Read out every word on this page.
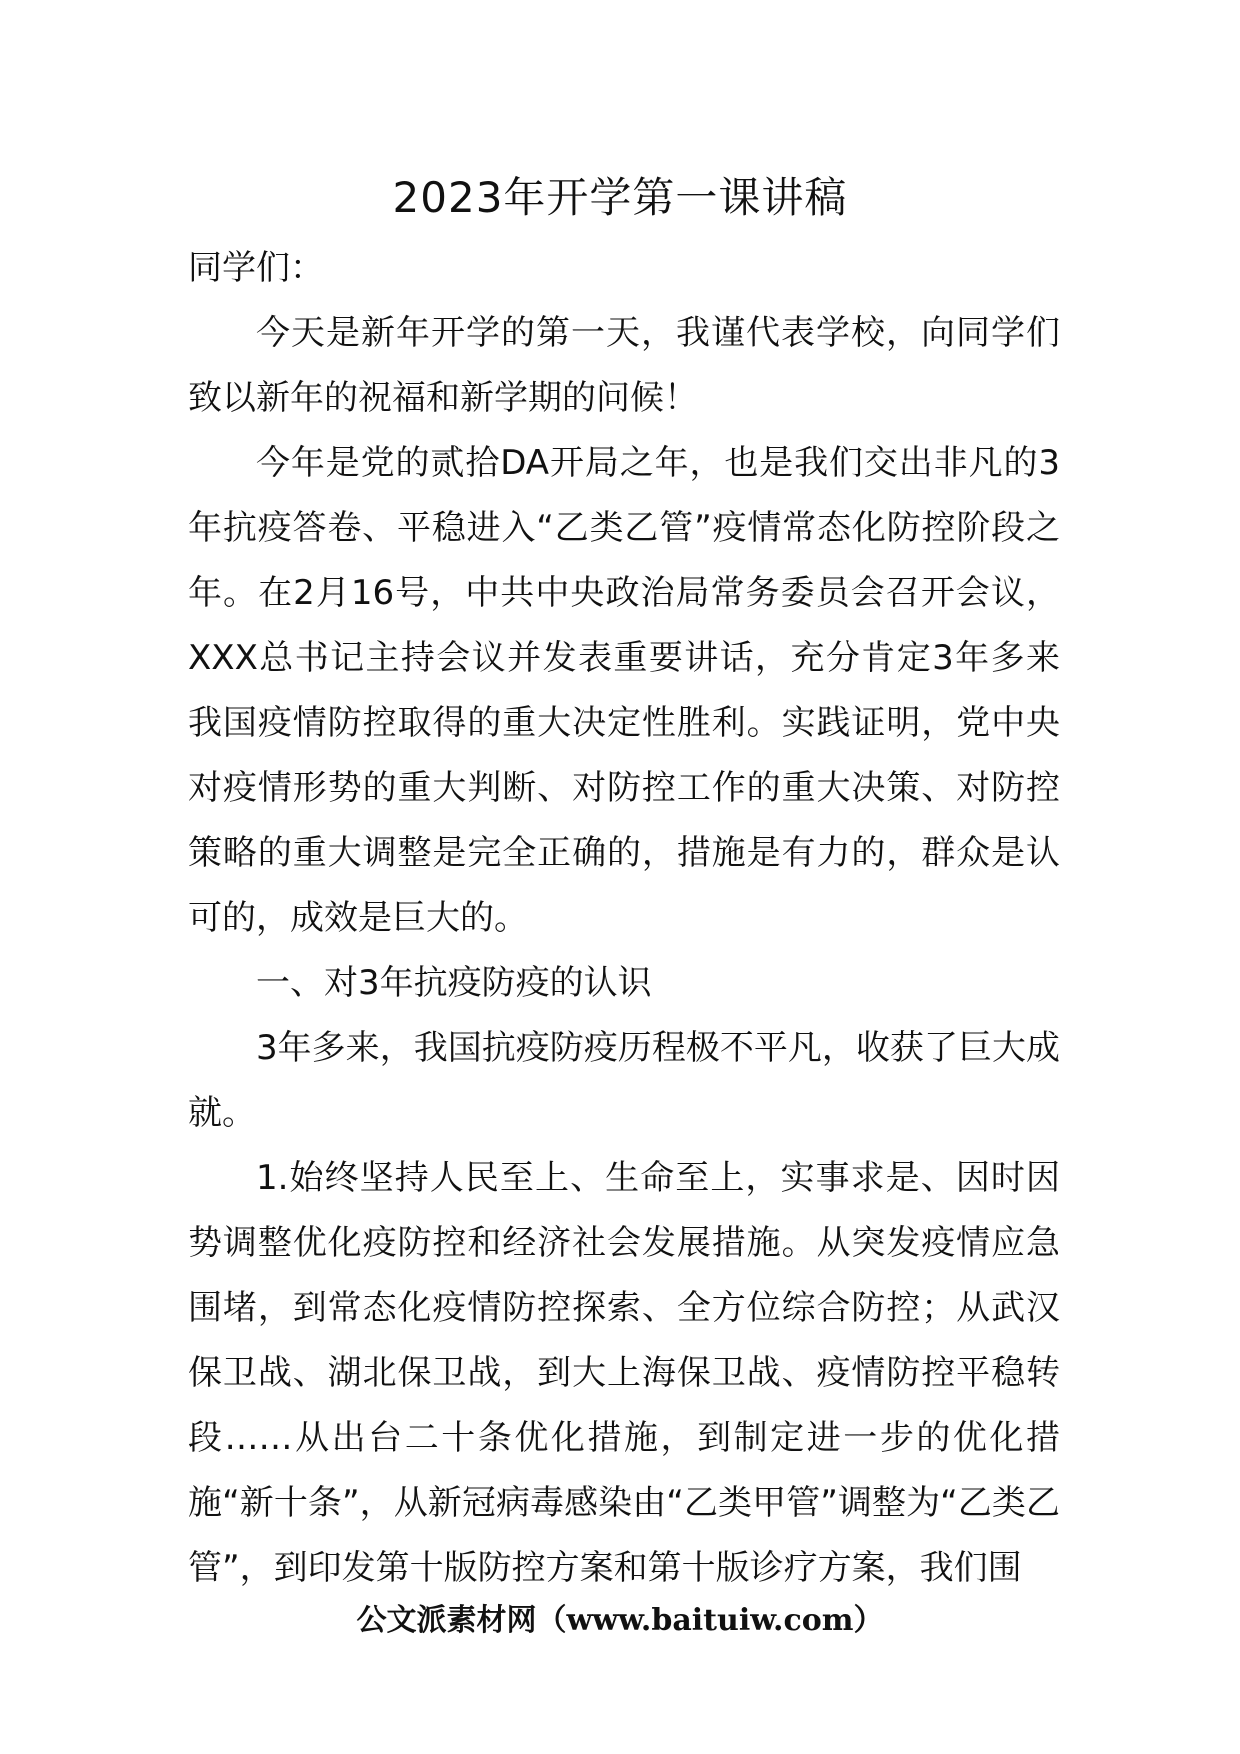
2023年开学第一课讲稿

同学们：

今天是新年开学的第一天，我谨代表学校，向同学们致以新年的祝福和新学期的问候！

今年是党的贰拾DA开局之年，也是我们交出非凡的3年抗疫答卷、平稳进入“乙类乙管”疫情常态化防控阶段之年。在2月16号，中共中央政治局常务委员会召开会议，XXX总书记主持会议并发表重要讲话，充分肯定3年多来我国疫情防控取得的重大决定性胜利。实践证明，党中央对疫情形势的重大判断、对防控工作的重大决策、对防控策略的重大调整是完全正确的，措施是有力的，群众是认可的，成效是巨大的。

一、对3年抗疫防疫的认识

3年多来，我国抗疫防疫历程极不平凡，收获了巨大成就。

1.始终坚持人民至上、生命至上，实事求是、因时因势调整优化疫防控和经济社会发展措施。从突发疫情应急围堵，到常态化疫情防控探索、全方位综合防控；从武汉保卫战、湖北保卫战，到大上海保卫战、疫情防控平稳转段……从出台二十条优化措施，到制定进一步的优化措施“新十条”，从新冠病毒感染由“乙类甲管”调整为“乙类乙管”，到印发第十版防控方案和第十版诊疗方案，我们围

公文派素材网（www.baituiw.com）
